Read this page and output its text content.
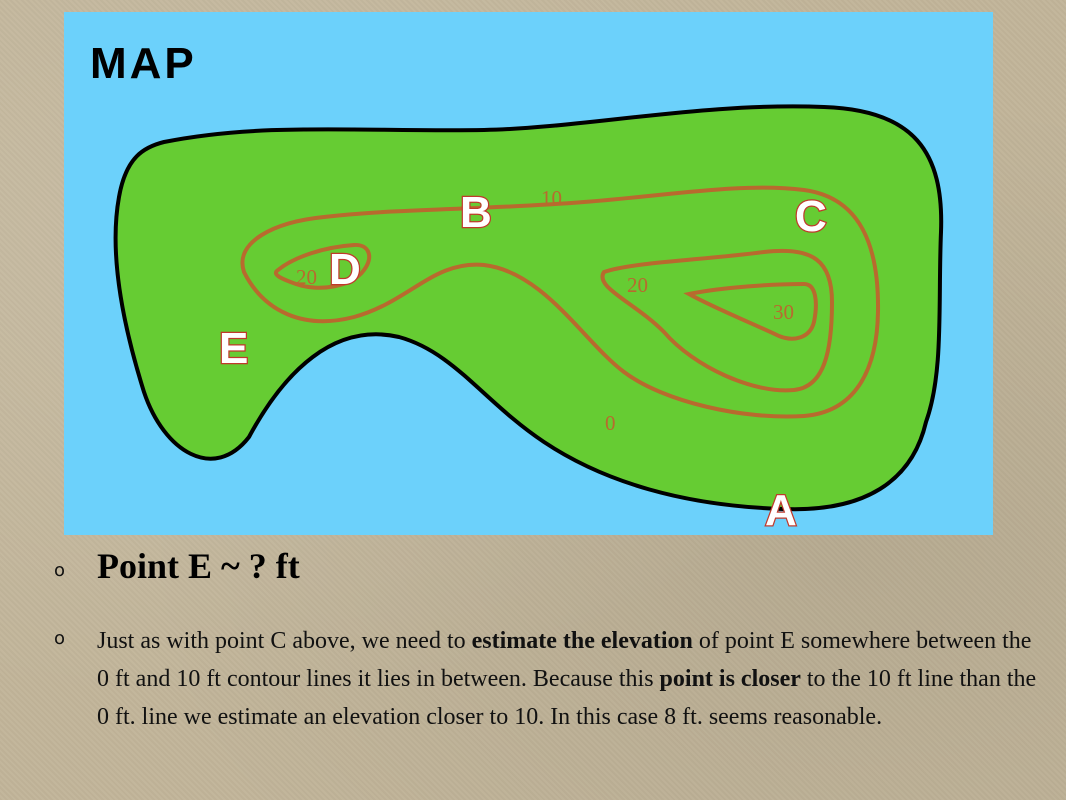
MAP
10
20	20
30
0
B	C
D
E
A
o Point E ~ ? ft

o Just as with point C above, we need to estimate the elevation of point E somewhere between the 0 ft and 10 ft contour lines it lies in between. Because this point is closer to the 10 ft line than the 0 ft. line we estimate an elevation closer to 10. In this case 8 ft. seems reasonable.
